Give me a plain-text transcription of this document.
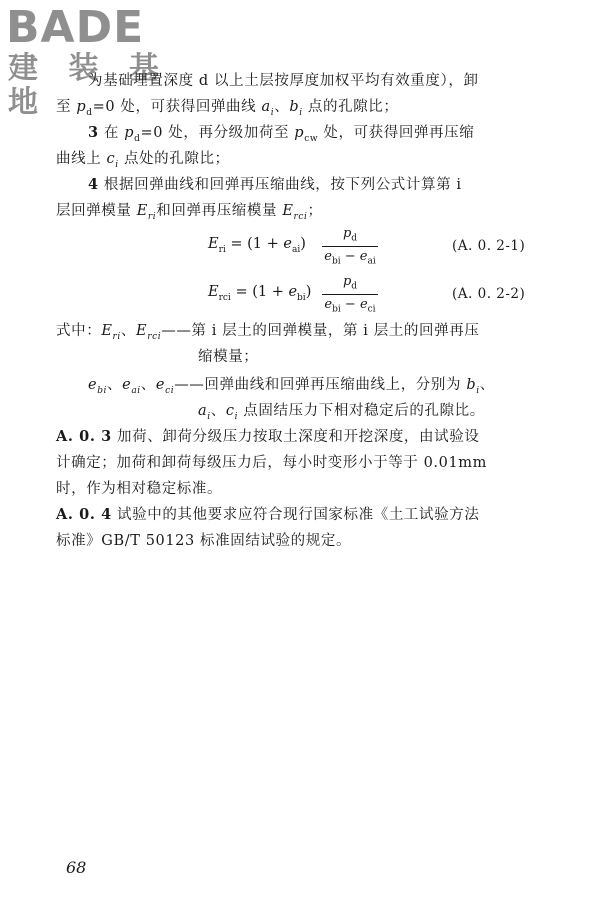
BADE
建 装 基 地
为基础埋置深度 d 以上土层按厚度加权平均有效重度），卸
至 $p_d=0$ 处，可获得回弹曲线 $a_i$、$b_i$ 点的孔隙比；
3 在 $p_d=0$ 处，再分级加荷至 $p_{cw}$ 处，可获得回弹再压缩
曲线上 $c_i$ 点处的孔隙比；
4 根据回弹曲线和回弹再压缩曲线，按下列公式计算第 i
层回弹模量 $E_{ri}$和回弹再压缩模量 $E_{rci}$；
$E_{ri} = (1 + e_{ai})$
$p_d$
$e_{bi} - e_{ai}$
(A. 0. 2-1)
$E_{rci} = (1 + e_{bi})$
$p_d$
$e_{bi} - e_{ci}$
(A. 0. 2-2)
式中：$E_{ri}$、$E_{rci}——$第 i 层土的回弹模量，第 i 层土的回弹再压
缩模量；
$e_{bi}$、$e_{ai}$、$e_{ci}——$回弹曲线和回弹再压缩曲线上，分别为 $b_i$、
$a_i$、$c_i$ 点固结压力下相对稳定后的孔隙比。
A. 0. 3 加荷、卸荷分级压力按取土深度和开挖深度，由试验设
计确定；加荷和卸荷每级压力后，每小时变形小于等于 0.01mm
时，作为相对稳定标准。
A. 0. 4 试验中的其他要求应符合现行国家标准《土工试验方法
标准》GB/T 50123 标准固结试验的规定。
68
